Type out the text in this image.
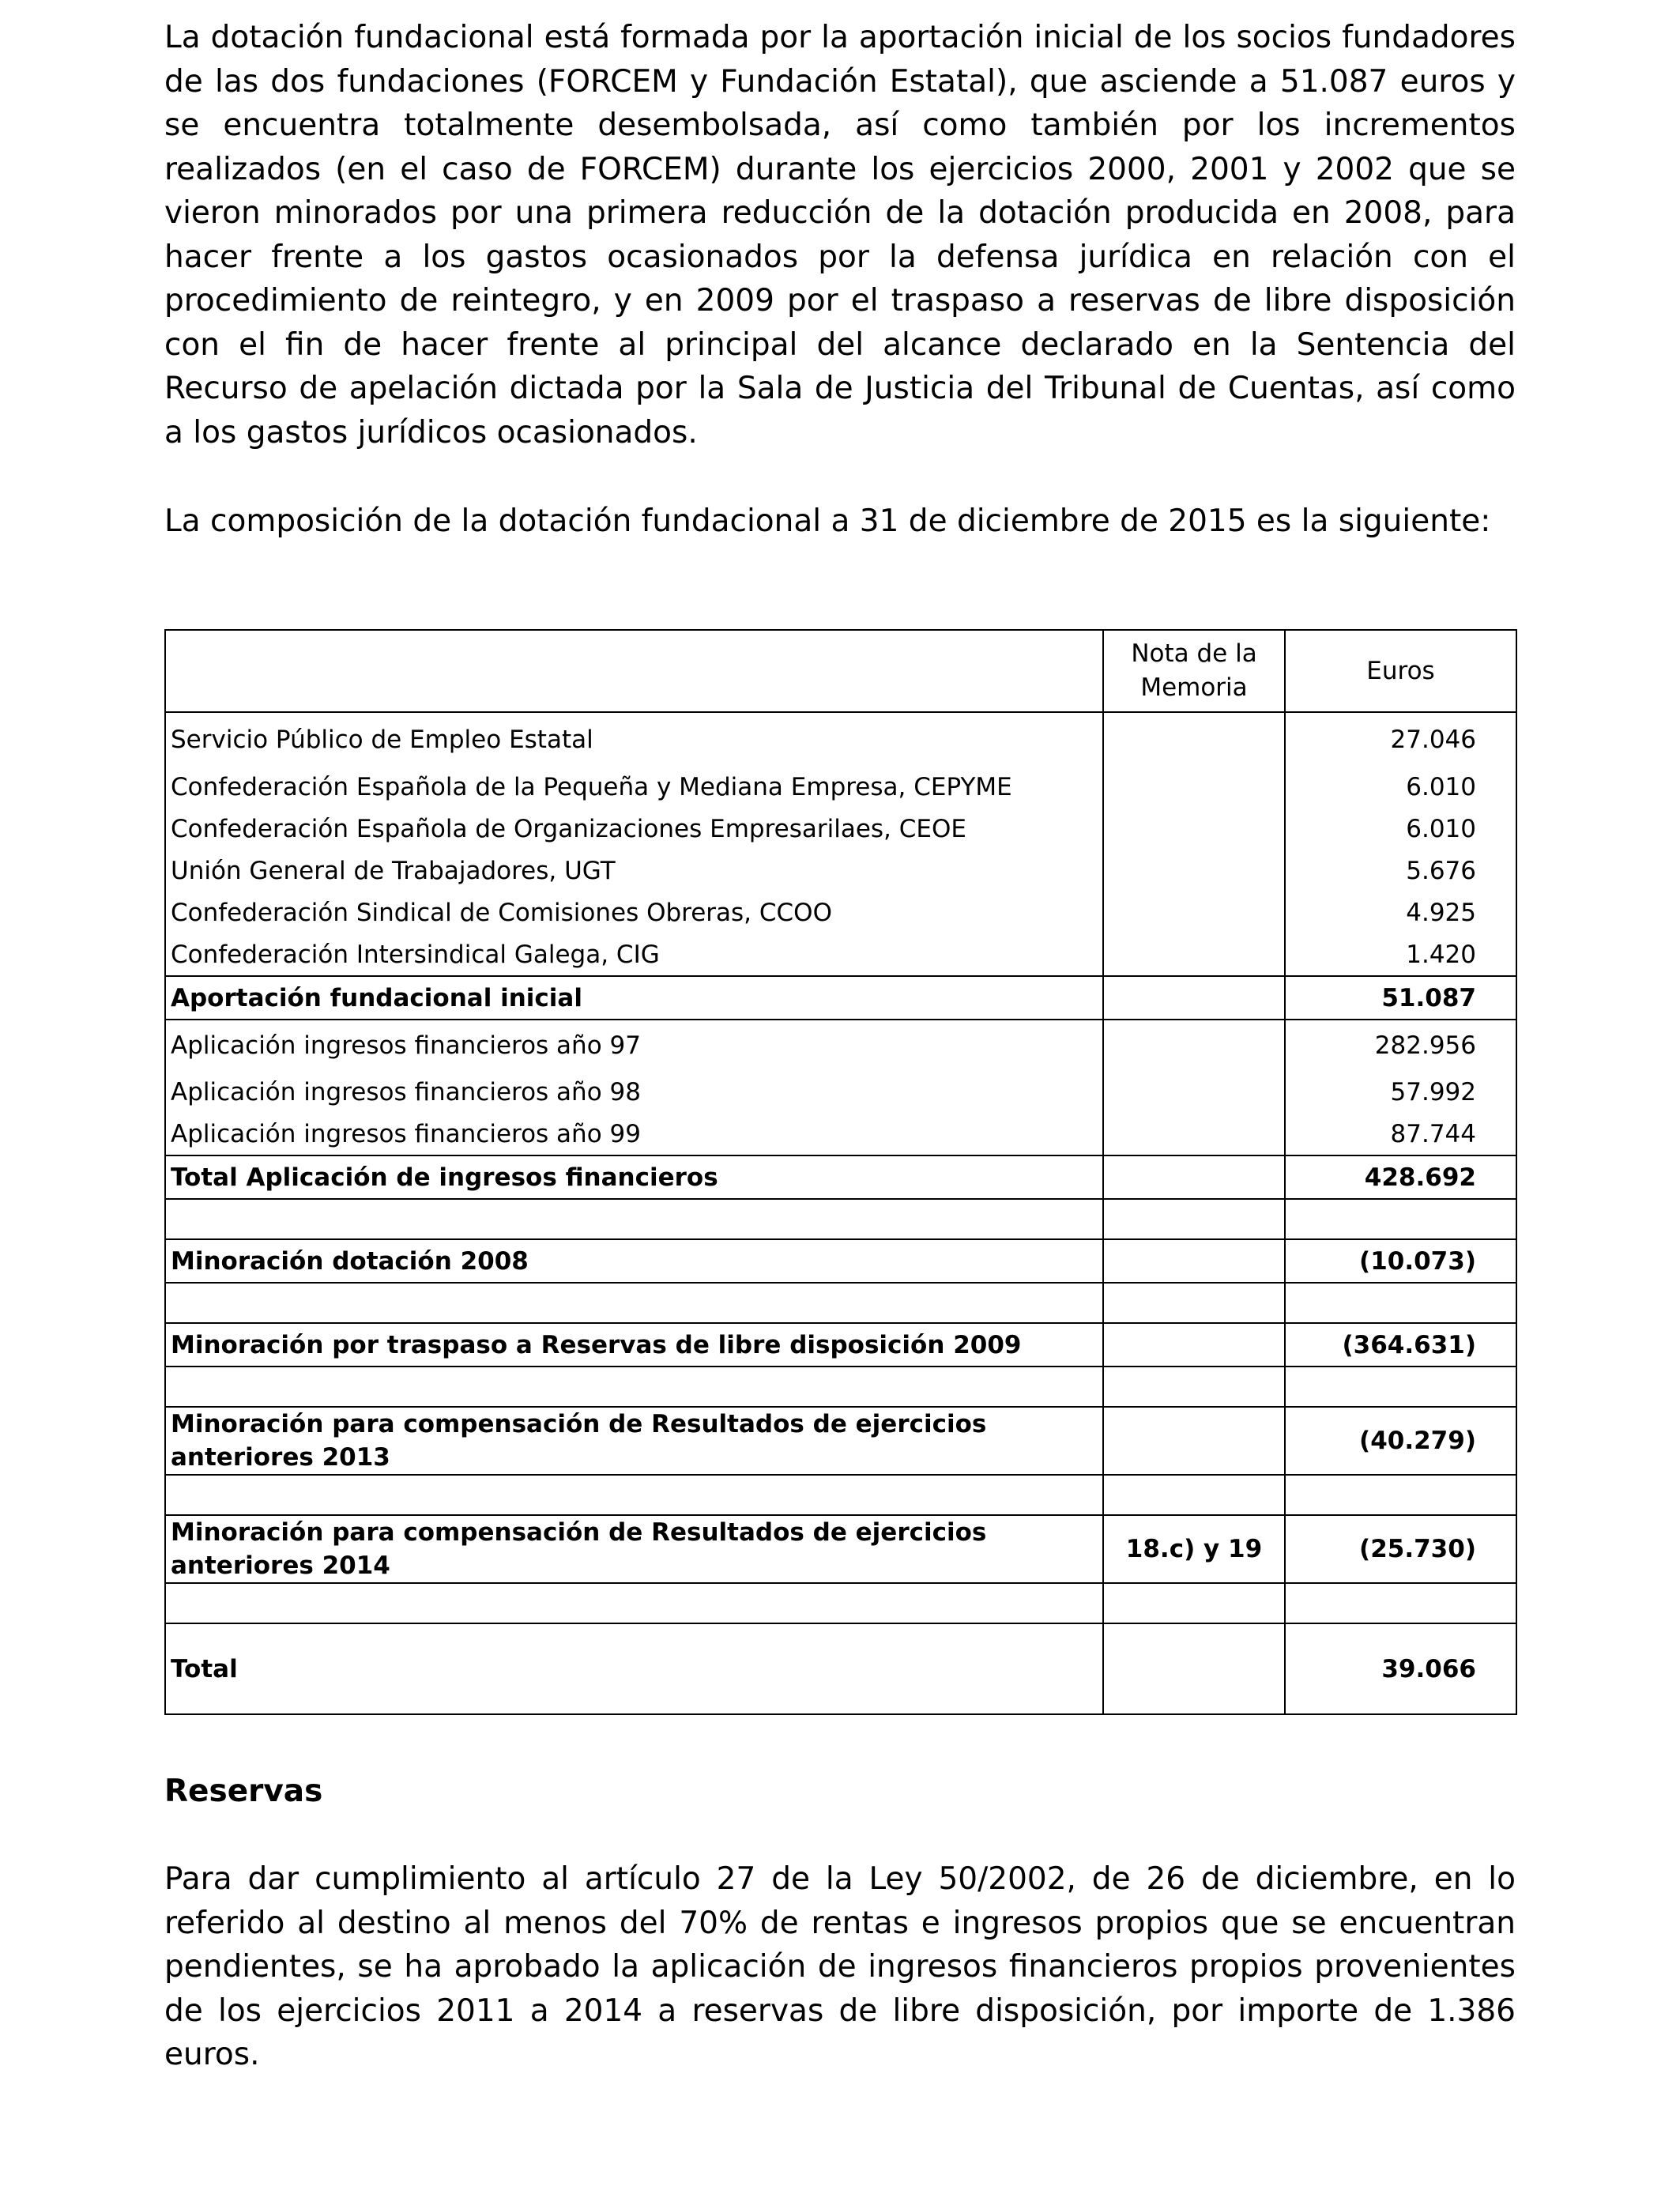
La dotación fundacional está formada por la aportación inicial de los socios fundadores de las dos fundaciones (FORCEM y Fundación Estatal), que asciende a 51.087 euros y se encuentra totalmente desembolsada, así como también por los incrementos realizados (en el caso de FORCEM) durante los ejercicios 2000, 2001 y 2002 que se vieron minorados por una primera reducción de la dotación producida en 2008, para hacer frente a los gastos ocasionados por la defensa jurídica en relación con el procedimiento de reintegro, y en 2009 por el traspaso a reservas de libre disposición con el fin de hacer frente al principal del alcance declarado en la Sentencia del Recurso de apelación dictada por la Sala de Justicia del Tribunal de Cuentas, así como a los gastos jurídicos ocasionados.

La composición de la dotación fundacional a 31 de diciembre de 2015 es la siguiente:

	Nota de la Memoria	Euros
Servicio Público de Empleo Estatal		27.046
Confederación Española de la Pequeña y Mediana Empresa, CEPYME		6.010
Confederación Española de Organizaciones Empresarilaes, CEOE		6.010
Unión General de Trabajadores, UGT		5.676
Confederación Sindical de Comisiones Obreras, CCOO		4.925
Confederación Intersindical Galega, CIG		1.420
Aportación fundacional inicial		51.087
Aplicación ingresos financieros año 97		282.956
Aplicación ingresos financieros año 98		57.992
Aplicación ingresos financieros año 99		87.744
Total Aplicación de ingresos financieros		428.692

Minoración dotación 2008		(10.073)

Minoración por traspaso a Reservas de libre disposición 2009		(364.631)

Minoración para compensación de Resultados de ejercicios anteriores 2013		(40.279)

Minoración para compensación de Resultados de ejercicios anteriores 2014	18.c) y 19	(25.730)

Total		39.066
Reservas

Para dar cumplimiento al artículo 27 de la Ley 50/2002, de 26 de diciembre, en lo referido al destino al menos del 70% de rentas e ingresos propios que se encuentran pendientes, se ha aprobado la aplicación de ingresos financieros propios provenientes de los ejercicios 2011 a 2014 a reservas de libre disposición, por importe de 1.386 euros.
